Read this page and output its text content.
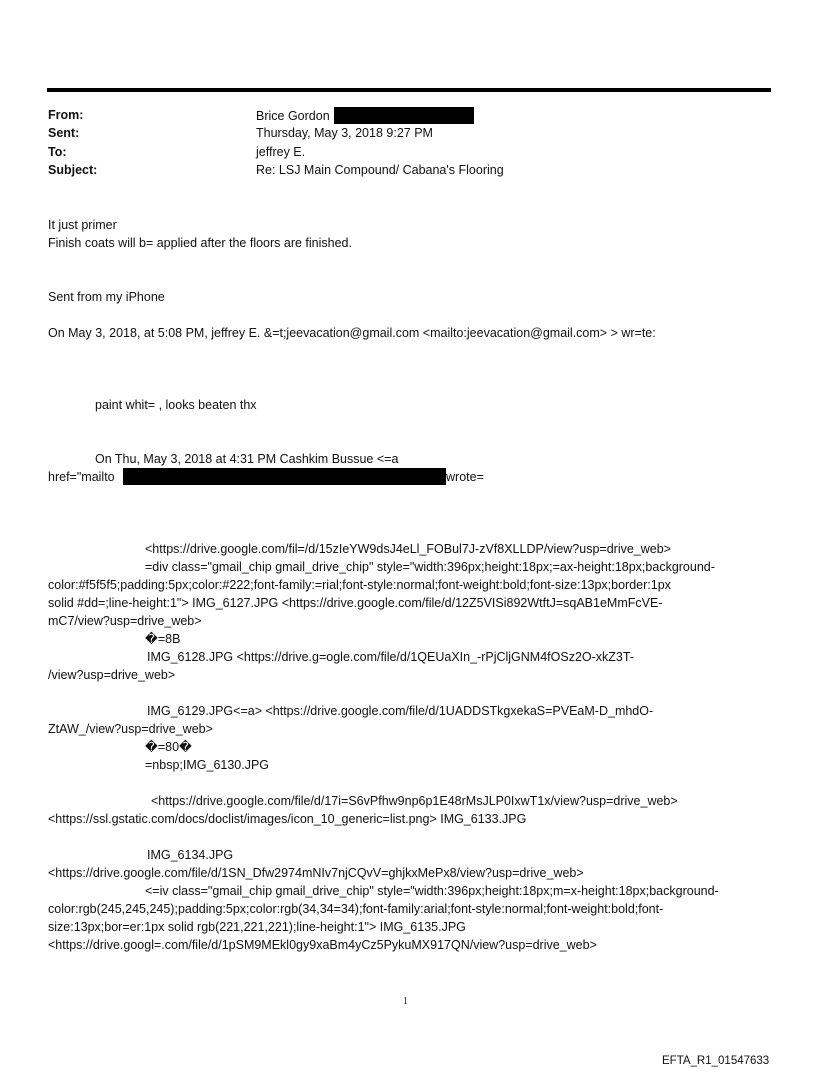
From:	Brice Gordon
Sent:	Thursday, May 3, 2018 9:27 PM
To:	jeffrey E.
Subject:	Re: LSJ Main Compound/ Cabana's Flooring
It just primer
Finish coats will b= applied after the floors are finished.
Sent from my iPhone
On May 3, 2018, at 5:08 PM, jeffrey E. &=t;jeevacation@gmail.com <mailto:jeevacation@gmail.com> > wr=te:
paint whit= , looks beaten thx
On Thu, May 3, 2018 at 4:31 PM Cashkim Bussue <=a
href="mailto	wrote=
<https://drive.google.com/fil=/d/15zIeYW9dsJ4eLl_FOBul7J-zVf8XLLDP/view?usp=drive_web>
=div class="gmail_chip gmail_drive_chip" style="width:396px;height:18px;=ax-height:18px;background-
color:#f5f5f5;padding:5px;color:#222;font-family:=rial;font-style:normal;font-weight:bold;font-size:13px;border:1px
solid #dd=;line-height:1"> IMG_6127.JPG <https://drive.google.com/file/d/12Z5VISi892WtftJ=sqAB1eMmFcVE-
mC7/view?usp=drive_web>
�=8B
IMG_6128.JPG <https://drive.g=ogle.com/file/d/1QEUaXIn_-rPjCljGNM4fOSz2O-xkZ3T-
/view?usp=drive_web>
IMG_6129.JPG<=a> <https://drive.google.com/file/d/1UADDSTkgxekaS=PVEaM-D_mhdO-
ZtAW_/view?usp=drive_web>
�=80�
=nbsp;IMG_6130.JPG
<https://drive.google.com/file/d/17i=S6vPfhw9np6p1E48rMsJLP0IxwT1x/view?usp=drive_web>
<https://ssl.gstatic.com/docs/doclist/images/icon_10_generic=list.png> IMG_6133.JPG
IMG_6134.JPG
<https://drive.google.com/file/d/1SN_Dfw2974mNIv7njCQvV=ghjkxMePx8/view?usp=drive_web>
<=iv class="gmail_chip gmail_drive_chip" style="width:396px;height:18px;m=x-height:18px;background-
color:rgb(245,245,245);padding:5px;color:rgb(34,34=34);font-family:arial;font-style:normal;font-weight:bold;font-
size:13px;bor=er:1px solid rgb(221,221,221);line-height:1"> IMG_6135.JPG
<https://drive.googl=.com/file/d/1pSM9MEkl0gy9xaBm4yCz5PykuMX917QN/view?usp=drive_web>
1
EFTA_R1_01547633
